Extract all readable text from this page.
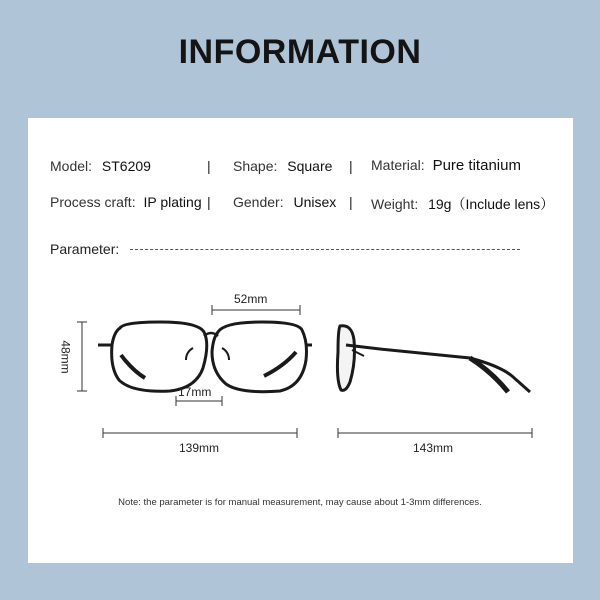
INFORMATION
Model: ST6209	| Shape: Square | Material: Pure titanium
Process craft: IP plating | Gender: Unisex | Weight: 19g（Include lens）
Parameter:
52mm
48mm
17mm
139mm	143mm
Note: the parameter is for manual measurement, may cause about 1-3mm differences.
